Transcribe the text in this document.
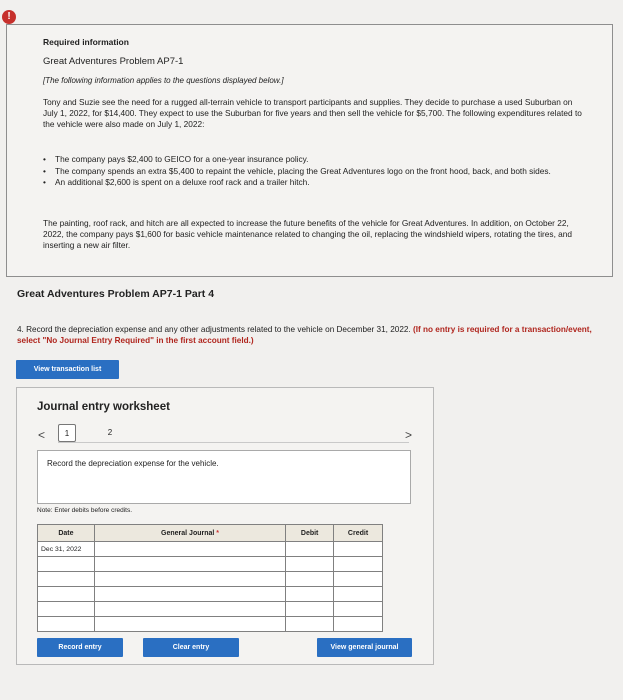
!
Required information
Great Adventures Problem AP7-1
[The following information applies to the questions displayed below.]
Tony and Suzie see the need for a rugged all-terrain vehicle to transport participants and supplies. They decide to purchase a used Suburban on July 1, 2022, for $14,400. They expect to use the Suburban for five years and then sell the vehicle for $5,700. The following expenditures related to the vehicle were also made on July 1, 2022:
• The company pays $2,400 to GEICO for a one-year insurance policy.
• The company spends an extra $5,400 to repaint the vehicle, placing the Great Adventures logo on the front hood, back, and both sides.
• An additional $2,600 is spent on a deluxe roof rack and a trailer hitch.
The painting, roof rack, and hitch are all expected to increase the future benefits of the vehicle for Great Adventures. In addition, on October 22, 2022, the company pays $1,600 for basic vehicle maintenance related to changing the oil, replacing the windshield wipers, rotating the tires, and inserting a new air filter.
Great Adventures Problem AP7-1 Part 4
4. Record the depreciation expense and any other adjustments related to the vehicle on December 31, 2022. (If no entry is required for a transaction/event, select "No Journal Entry Required" in the first account field.)
View transaction list
Journal entry worksheet
<	1	2	>
Record the depreciation expense for the vehicle.
Note: Enter debits before credits.
Date	General Journal *	Debit	Credit
Dec 31, 2022			

Record entry	Clear entry	View general journal
